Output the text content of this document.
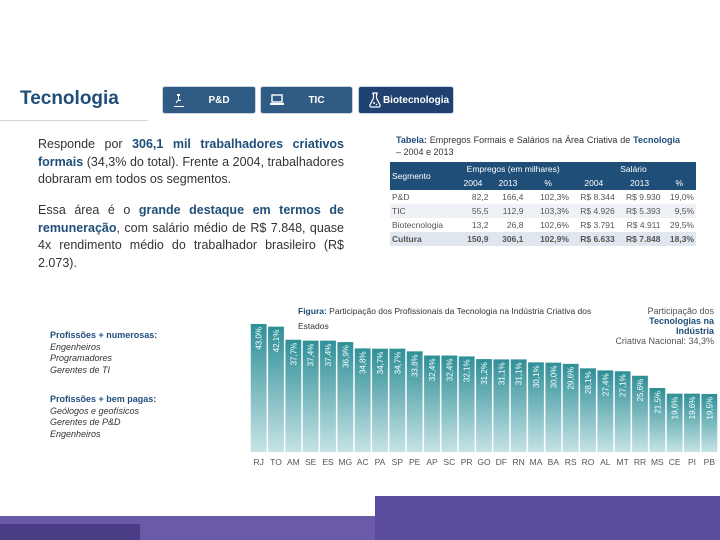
Tecnologia	P&D	TIC	Biotecnologia
Responde por 306,1 mil trabalhadores criativos formais (34,3% do total). Frente a 2004, trabalhadores dobraram em todos os segmentos.
Essa área é o grande destaque em termos de remuneração, com salário médio de R$ 7.848, quase 4x rendimento médio do trabalhador brasileiro (R$ 2.073).
Tabela: Empregos Formais e Salários na Área Criativa de Tecnologia – 2004 e 2013
Segmento	Empregos (em milhares)			Salário		
	2004	2013	%	2004	2013	%
P&D	82,2	166,4	102,3%	R$ 8.344	R$ 9.930	19,0%
TIC	55,5	112,9	103,3%	R$ 4.926	R$ 5.393	9,5%
Biotecnologia	13,2	26,8	102,6%	R$ 3.791	R$ 4.911	29,5%
Cultura	150,9	306,1	102,9%	R$ 6.633	R$ 7.848	18,3%
Figura: Participação dos Profissionais da Tecnologia na Indústria Criativa dos Estados
Participação dos
Tecnologias na Indústria
Criativa Nacional: 34,3%
Profissões + numerosas:
Engenheiros
Programadores
Gerentes de TI
Profissões + bem pagas:
Geólogos e geofísicos
Gerentes de P&D
Engenheiros
43,0%
RJ
42,1%
TO
37,7%
AM
37,4%
SE
37,4%
ES
36,9%
MG
34,8%
AC
34,7%
PA
34,7%
SP
33,8%
PE
32,4%
AP
32,4%
SC
32,1%
PR
31,2%
GO
31,1%
DF
31,1%
RN
30,1%
MA
30,0%
BA
29,6%
RS
28,1%
RO
27,4%
AL
27,1%
MT
25,6%
RR
21,5%
MS
19,6%
CE
19,6%
PI
19,5%
PB
